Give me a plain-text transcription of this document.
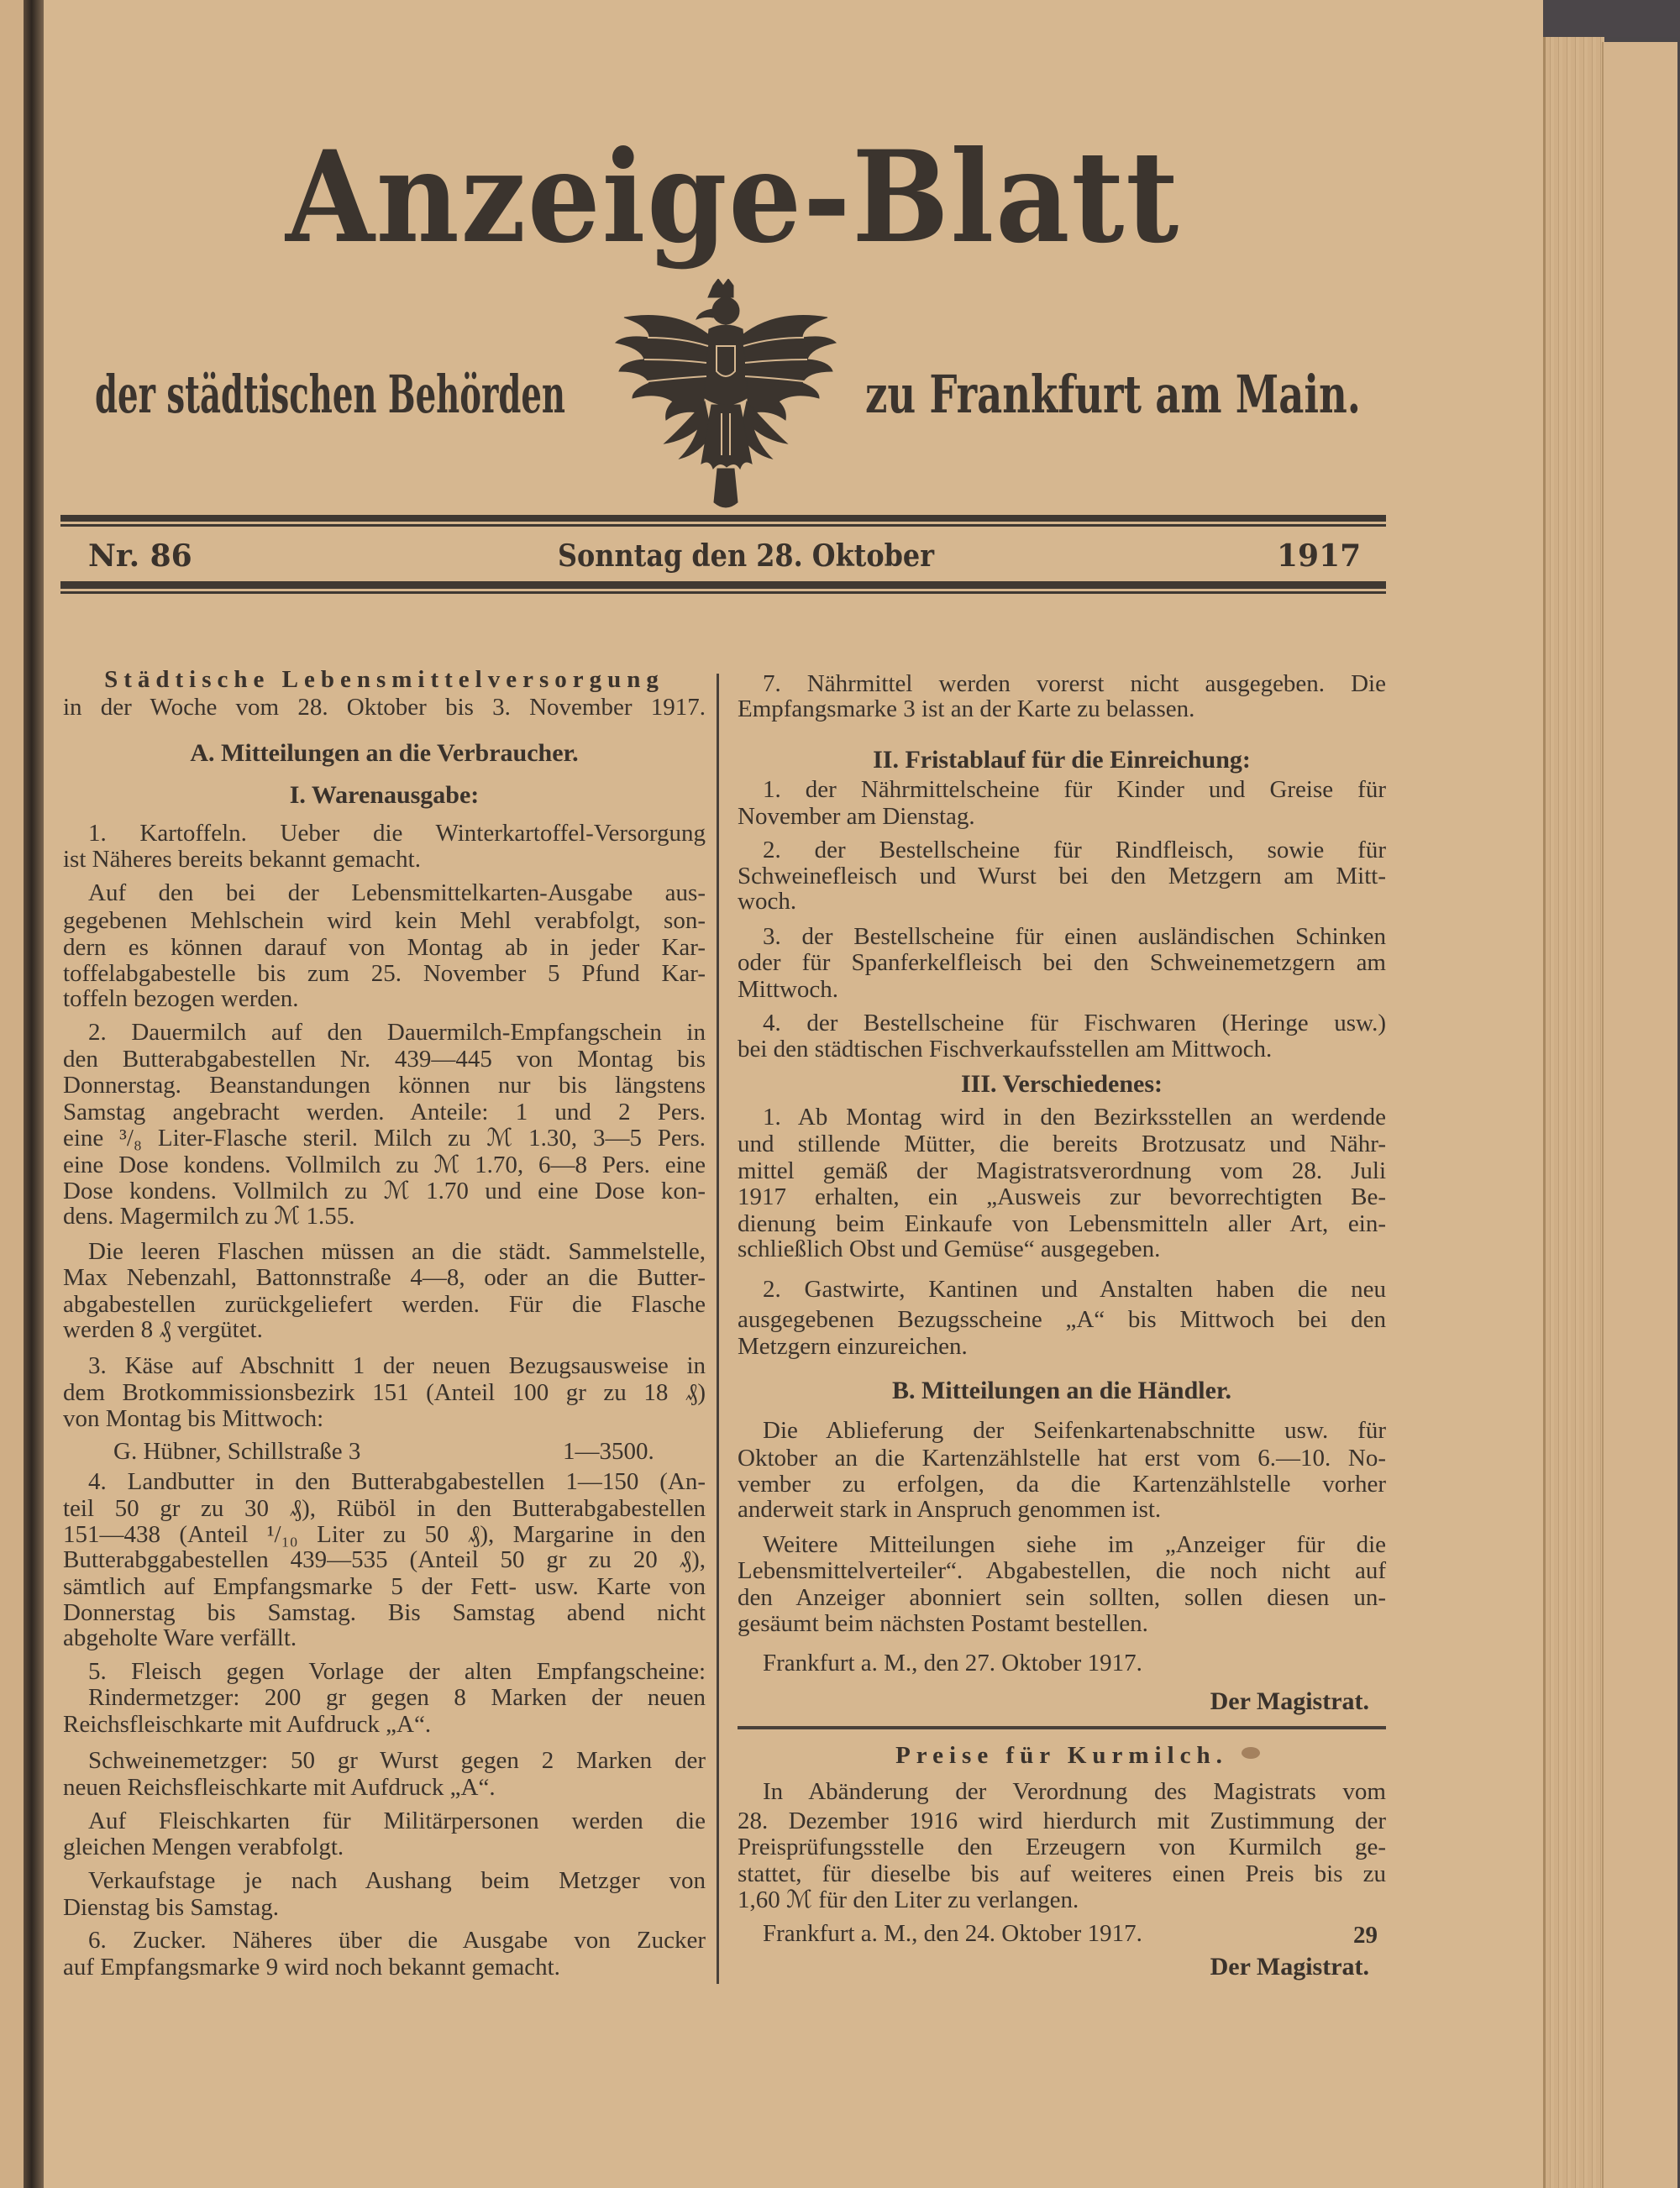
Anzeige-Blatt
der städtischen Behörden	zu Frankfurt am Main.
Nr. 86	Sonntag den 28. Oktober	1917
Städtische Lebensmittelversorgung
in der Woche vom 28. Oktober bis 3. November 1917.
A. Mitteilungen an die Verbraucher.
I. Warenausgabe:
1. Kartoffeln. Ueber die Winterkartoffel-Versorgung
ist Näheres bereits bekannt gemacht.
Auf den bei der Lebensmittelkarten-Ausgabe aus-
gegebenen Mehlschein wird kein Mehl verabfolgt, son-
dern es können darauf von Montag ab in jeder Kar-
toffelabgabestelle bis zum 25. November 5 Pfund Kar-
toffeln bezogen werden.
2. Dauermilch auf den Dauermilch-Empfangschein in
den Butterabgabestellen Nr. 439—445 von Montag bis
Donnerstag. Beanstandungen können nur bis längstens
Samstag angebracht werden. Anteile: 1 und 2 Pers.
eine ³/₈ Liter-Flasche steril. Milch zu ℳ 1.30, 3—5 Pers.
eine Dose kondens. Vollmilch zu ℳ 1.70, 6—8 Pers. eine
Dose kondens. Vollmilch zu ℳ 1.70 und eine Dose kon-
dens. Magermilch zu ℳ 1.55.
Die leeren Flaschen müssen an die städt. Sammelstelle,
Max Nebenzahl, Battonnstraße 4—8, oder an die Butter-
abgabestellen zurückgeliefert werden. Für die Flasche
werden 8 ₰ vergütet.
3. Käse auf Abschnitt 1 der neuen Bezugsausweise in
dem Brotkommissionsbezirk 151 (Anteil 100 gr zu 18 ₰)
von Montag bis Mittwoch:
4. Landbutter in den Butterabgabestellen 1—150 (An-
teil 50 gr zu 30 ₰), Rüböl in den Butterabgabestellen
151—438 (Anteil ¹/₁₀ Liter zu 50 ₰), Margarine in den
Butterabggabestellen 439—535 (Anteil 50 gr zu 20 ₰),
sämtlich auf Empfangsmarke 5 der Fett- usw. Karte von
Donnerstag bis Samstag. Bis Samstag abend nicht
abgeholte Ware verfällt.
5. Fleisch gegen Vorlage der alten Empfangscheine:
Rindermetzger: 200 gr gegen 8 Marken der neuen
Reichsfleischkarte mit Aufdruck „A“.
Schweinemetzger: 50 gr Wurst gegen 2 Marken der
neuen Reichsfleischkarte mit Aufdruck „A“.
Auf Fleischkarten für Militärpersonen werden die
gleichen Mengen verabfolgt.
Verkaufstage je nach Aushang beim Metzger von
Dienstag bis Samstag.
6. Zucker. Näheres über die Ausgabe von Zucker
auf Empfangsmarke 9 wird noch bekannt gemacht.
7. Nährmittel werden vorerst nicht ausgegeben. Die
Empfangsmarke 3 ist an der Karte zu belassen.
II. Fristablauf für die Einreichung:
1. der Nährmittelscheine für Kinder und Greise für
November am Dienstag.
2. der Bestellscheine für Rindfleisch, sowie für
Schweinefleisch und Wurst bei den Metzgern am Mitt-
woch.
3. der Bestellscheine für einen ausländischen Schinken
oder für Spanferkelfleisch bei den Schweinemetzgern am
Mittwoch.
4. der Bestellscheine für Fischwaren (Heringe usw.)
bei den städtischen Fischverkaufsstellen am Mittwoch.
III. Verschiedenes:
1. Ab Montag wird in den Bezirksstellen an werdende
und stillende Mütter, die bereits Brotzusatz und Nähr-
mittel gemäß der Magistratsverordnung vom 28. Juli
1917 erhalten, ein „Ausweis zur bevorrechtigten Be-
dienung beim Einkaufe von Lebensmitteln aller Art, ein-
schließlich Obst und Gemüse“ ausgegeben.
2. Gastwirte, Kantinen und Anstalten haben die neu
ausgegebenen Bezugsscheine „A“ bis Mittwoch bei den
Metzgern einzureichen.
B. Mitteilungen an die Händler.
Die Ablieferung der Seifenkartenabschnitte usw. für
Oktober an die Kartenzählstelle hat erst vom 6.—10. No-
vember zu erfolgen, da die Kartenzählstelle vorher
anderweit stark in Anspruch genommen ist.
Weitere Mitteilungen siehe im „Anzeiger für die
Lebensmittelverteiler“. Abgabestellen, die noch nicht auf
den Anzeiger abonniert sein sollten, sollen diesen un-
gesäumt beim nächsten Postamt bestellen.
Frankfurt a. M., den 27. Oktober 1917.
Der Magistrat.
Preise für Kurmilch.
In Abänderung der Verordnung des Magistrats vom
28. Dezember 1916 wird hierdurch mit Zustimmung der
Preisprüfungsstelle den Erzeugern von Kurmilch ge-
stattet, für dieselbe bis auf weiteres einen Preis bis zu
1,60 ℳ für den Liter zu verlangen.
Frankfurt a. M., den 24. Oktober 1917.
Der Magistrat.
G. Hübner, Schillstraße 3	1—3500.
29
